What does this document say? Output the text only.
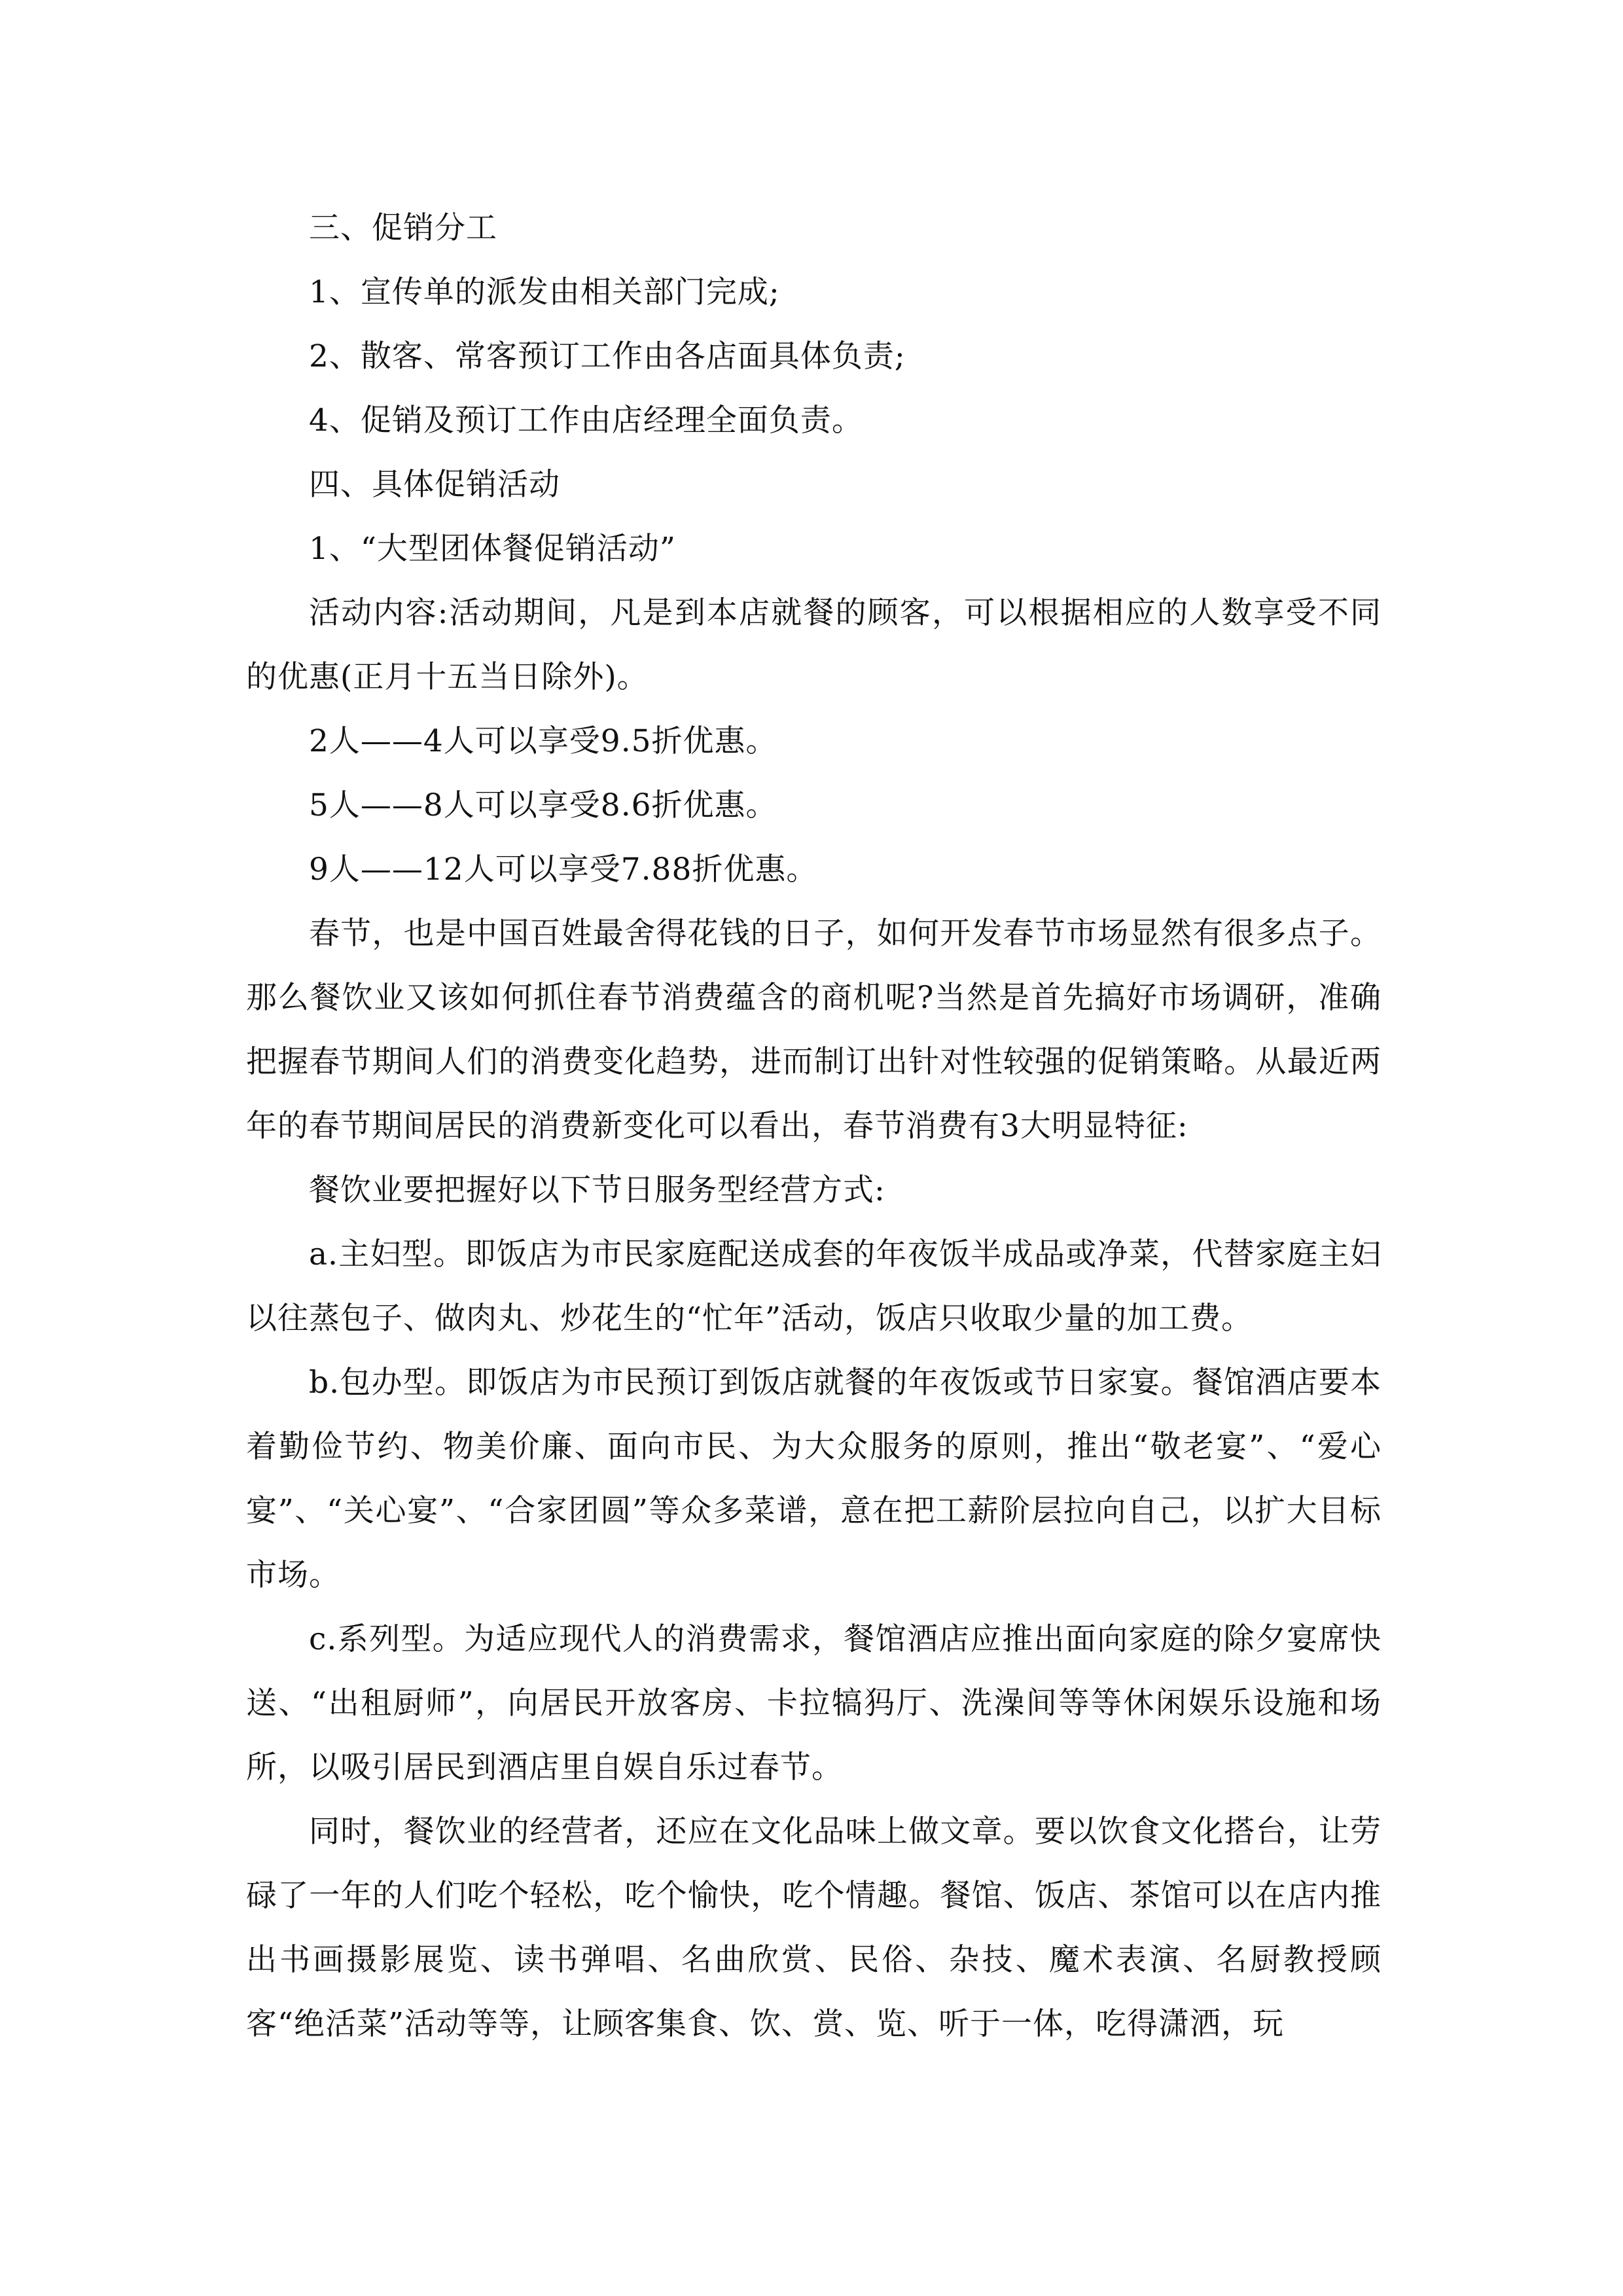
三、促销分工

1、宣传单的派发由相关部门完成;

2、散客、常客预订工作由各店面具体负责;

4、促销及预订工作由店经理全面负责。

四、具体促销活动

1、“大型团体餐促销活动”

活动内容:活动期间，凡是到本店就餐的顾客，可以根据相应的人数享受不同的优惠(正月十五当日除外)。

2人——4人可以享受9.5折优惠。

5人——8人可以享受8.6折优惠。

9人——12人可以享受7.88折优惠。

春节，也是中国百姓最舍得花钱的日子，如何开发春节市场显然有很多点子。那么餐饮业又该如何抓住春节消费蕴含的商机呢?当然是首先搞好市场调研，准确把握春节期间人们的消费变化趋势，进而制订出针对性较强的促销策略。从最近两年的春节期间居民的消费新变化可以看出，春节消费有3大明显特征:

餐饮业要把握好以下节日服务型经营方式:

a.主妇型。即饭店为市民家庭配送成套的年夜饭半成品或净菜，代替家庭主妇以往蒸包子、做肉丸、炒花生的“忙年”活动，饭店只收取少量的加工费。

b.包办型。即饭店为市民预订到饭店就餐的年夜饭或节日家宴。餐馆酒店要本着勤俭节约、物美价廉、面向市民、为大众服务的原则，推出“敬老宴”、“爱心宴”、“关心宴”、“合家团圆”等众多菜谱，意在把工薪阶层拉向自己，以扩大目标市场。

c.系列型。为适应现代人的消费需求，餐馆酒店应推出面向家庭的除夕宴席快送、“出租厨师”，向居民开放客房、卡拉犒犸厅、洗澡间等等休闲娱乐设施和场所，以吸引居民到酒店里自娱自乐过春节。

同时，餐饮业的经营者，还应在文化品味上做文章。要以饮食文化搭台，让劳碌了一年的人们吃个轻松，吃个愉快，吃个情趣。餐馆、饭店、茶馆可以在店内推出书画摄影展览、读书弹唱、名曲欣赏、民俗、杂技、魔术表演、名厨教授顾客“绝活菜”活动等等，让顾客集食、饮、赏、览、听于一体，吃得潇洒，玩
